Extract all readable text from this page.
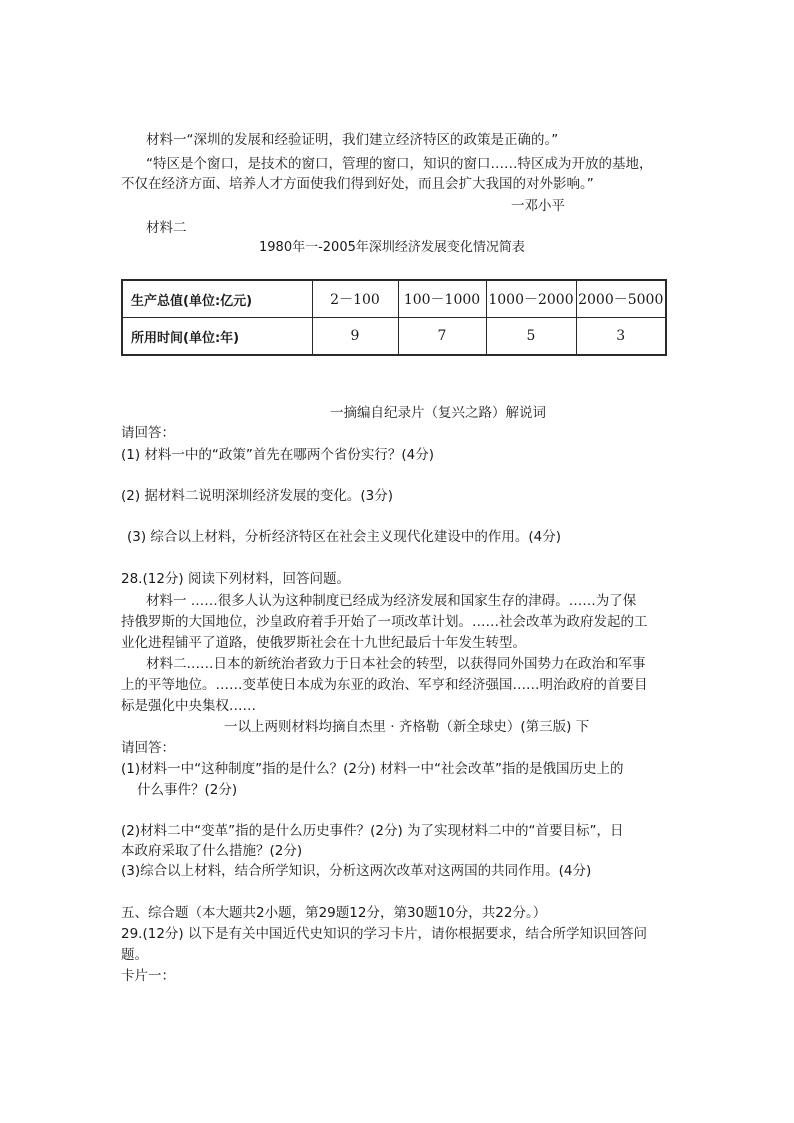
材料一“深圳的发展和经验证明，我们建立经济特区的政策是正确的。”
“特区是个窗口，是技术的窗口，管理的窗口，知识的窗口……特区成为开放的基地，
不仅在经济方面、培养人才方面使我们得到好处，而且会扩大我国的对外影响。”
一邓小平
材料二
1980年一-2005年深圳经济发展变化情况简表
生产总值(单位:亿元)	2－100	100－1000	1000－2000	2000－5000
所用时间(单位:年)	9	7	5	3
一摘编自纪录片（复兴之路）解说词
请回答：
(1) 材料一中的“政策”首先在哪两个省份实行？(4分)
(2) 据材料二说明深圳经济发展的变化。(3分)
(3) 综合以上材料，分析经济特区在社会主义现代化建设中的作用。(4分)
28.(12分) 阅读下列材料，回答问题。
材料一 ……很多人认为这种制度已经成为经济发展和国家生存的津碍。……为了保
持俄罗斯的大国地位，沙皇政府着手开始了一项改革计划。……社会改革为政府发起的工
业化进程铺平了道路，使俄罗斯社会在十九世纪最后十年发生转型。
材料二……日本的新统治者致力于日本社会的转型，以获得同外国势力在政治和军事
上的平等地位。……变革使日本成为东亚的政治、军亨和经济强国……明治政府的首要目
标是强化中央集权……
一以上两则材料均摘自杰里 · 齐格勒（新全球史）(第三版) 下
请回答：
(1)材料一中“这种制度”指的是什么？(2分) 材料一中“社会改革”指的是俄国历史上的
什么事件？(2分)
(2)材料二中“变革”指的是什么历史事件？(2分) 为了实现材料二中的“首要目标”，日
本政府采取了什么措施？(2分)
(3)综合以上材料，结合所学知识，分析这两次改革对这两国的共同作用。(4分)
五、综合题（本大题共2小题，第29题12分，第30题10分，共22分。）
29.(12分) 以下是有关中国近代史知识的学习卡片，请你根据要求，结合所学知识回答问
题。
卡片一：
